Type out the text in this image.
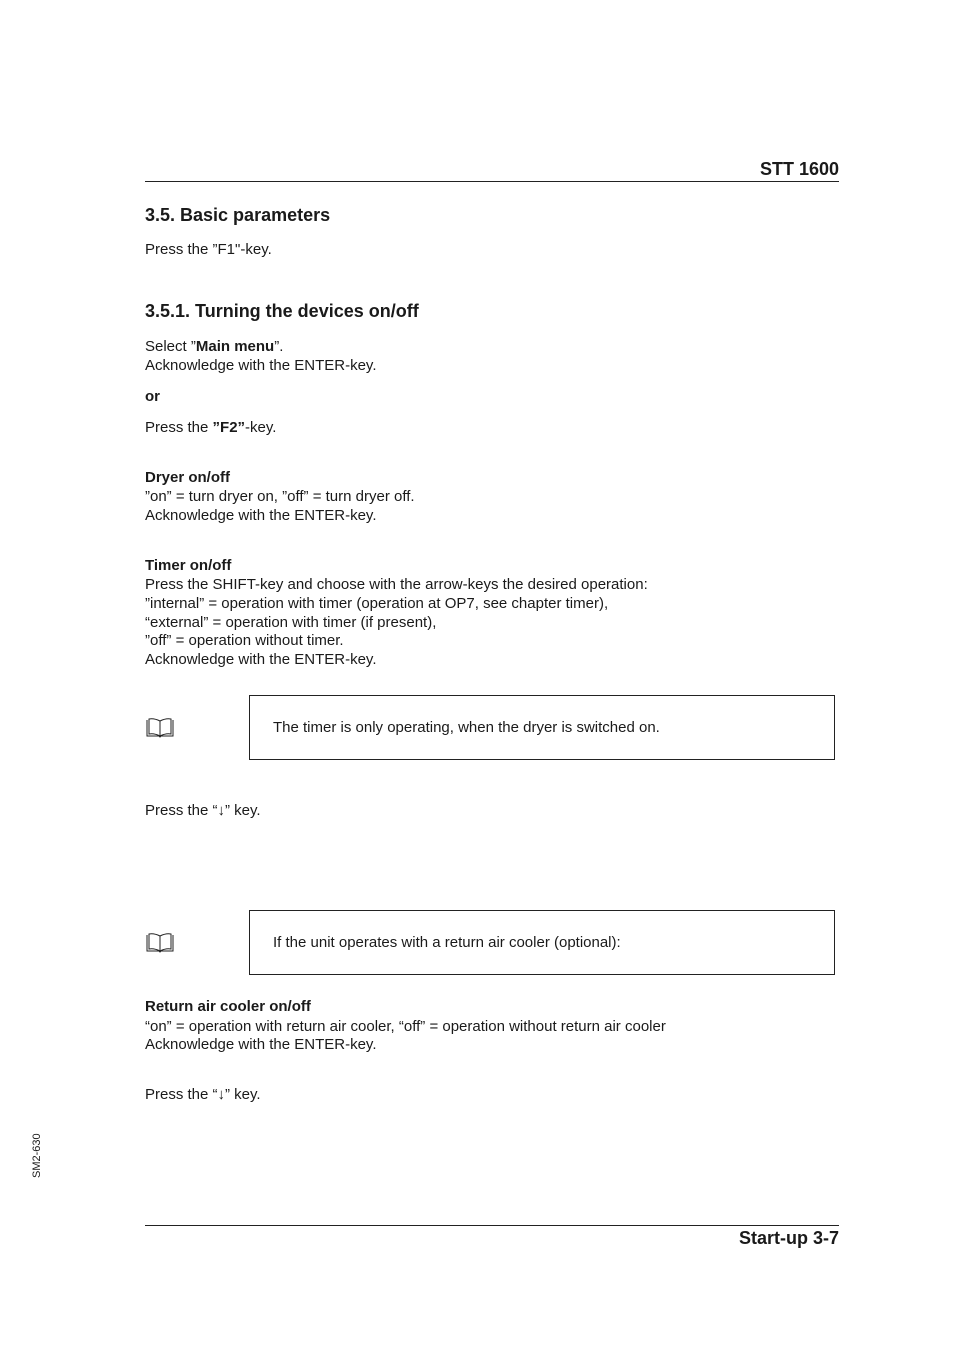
STT 1600
3.5. Basic parameters
Press the ”F1"-key.
3.5.1. Turning the devices on/off
Select ”Main menu”.
Acknowledge with the ENTER-key.
or
Press the ”F2”-key.
Dryer on/off
”on” = turn dryer on, ”off” = turn dryer off.
Acknowledge with the ENTER-key.
Timer on/off
Press the SHIFT-key and choose with the arrow-keys the desired operation:
”internal” = operation with timer (operation at OP7, see chapter timer),
“external” = operation with timer (if present),
”off” = operation without timer.
Acknowledge with the ENTER-key.
The timer is only operating, when the dryer is switched on.
Press the “↓” key.
If the unit operates with a return air cooler (optional):
Return air cooler on/off
“on” = operation with return air cooler, “off” = operation without return air cooler
Acknowledge with the ENTER-key.
Press the “↓” key.
SM2-630
Start-up 3-7
